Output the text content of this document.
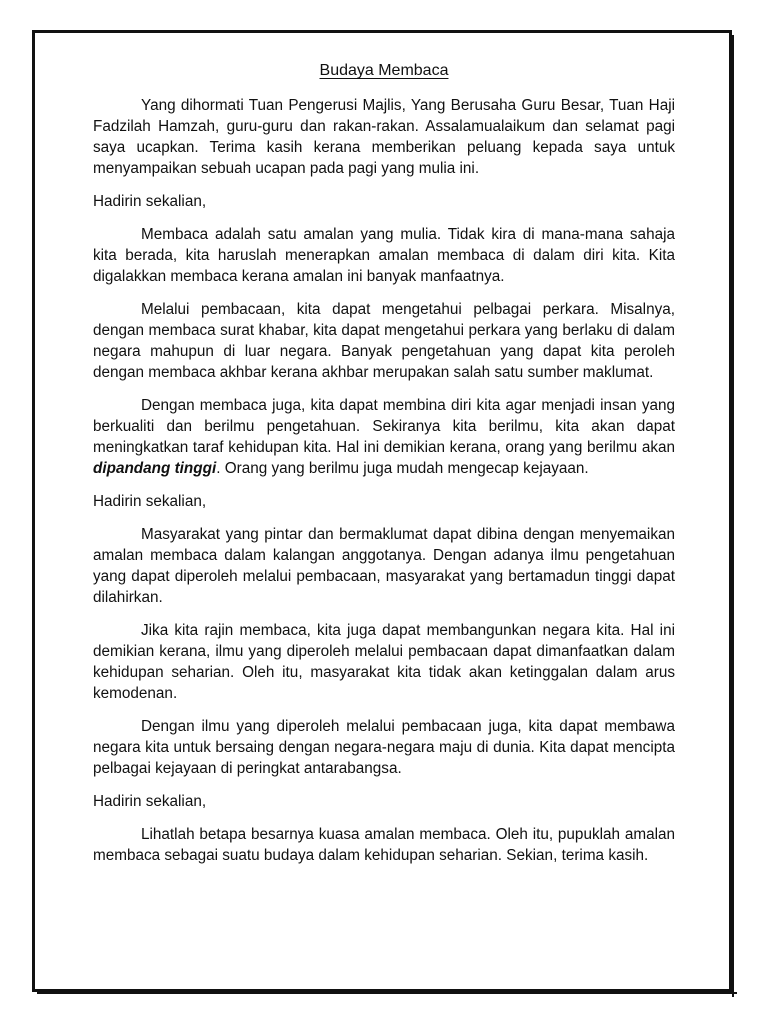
Budaya Membaca

Yang dihormati Tuan Pengerusi Majlis, Yang Berusaha Guru Besar, Tuan Haji Fadzilah Hamzah, guru-guru dan rakan-rakan. Assalamualaikum dan selamat pagi saya ucapkan. Terima kasih kerana memberikan peluang kepada saya untuk menyampaikan sebuah ucapan pada pagi yang mulia ini.

Hadirin sekalian,

Membaca adalah satu amalan yang mulia. Tidak kira di mana-mana sahaja kita berada, kita haruslah menerapkan amalan membaca di dalam diri kita. Kita digalakkan membaca kerana amalan ini banyak manfaatnya.

Melalui pembacaan, kita dapat mengetahui pelbagai perkara. Misalnya, dengan membaca surat khabar, kita dapat mengetahui perkara yang berlaku di dalam negara mahupun di luar negara. Banyak pengetahuan yang dapat kita peroleh dengan membaca akhbar kerana akhbar merupakan salah satu sumber maklumat.

Dengan membaca juga, kita dapat membina diri kita agar menjadi insan yang berkualiti dan berilmu pengetahuan. Sekiranya kita berilmu, kita akan dapat meningkatkan taraf kehidupan kita. Hal ini demikian kerana, orang yang berilmu akan dipandang tinggi. Orang yang berilmu juga mudah mengecap kejayaan.

Hadirin sekalian,

Masyarakat yang pintar dan bermaklumat dapat dibina dengan menyemaikan amalan membaca dalam kalangan anggotanya. Dengan adanya ilmu pengetahuan yang dapat diperoleh melalui pembacaan, masyarakat yang bertamadun tinggi dapat dilahirkan.

Jika kita rajin membaca, kita juga dapat membangunkan negara kita. Hal ini demikian kerana, ilmu yang diperoleh melalui pembacaan dapat dimanfaatkan dalam kehidupan seharian. Oleh itu, masyarakat kita tidak akan ketinggalan dalam arus kemodenan.

Dengan ilmu yang diperoleh melalui pembacaan juga, kita dapat membawa negara kita untuk bersaing dengan negara-negara maju di dunia. Kita dapat mencipta pelbagai kejayaan di peringkat antarabangsa.

Hadirin sekalian,

Lihatlah betapa besarnya kuasa amalan membaca. Oleh itu, pupuklah amalan membaca sebagai suatu budaya dalam kehidupan seharian. Sekian, terima kasih.
